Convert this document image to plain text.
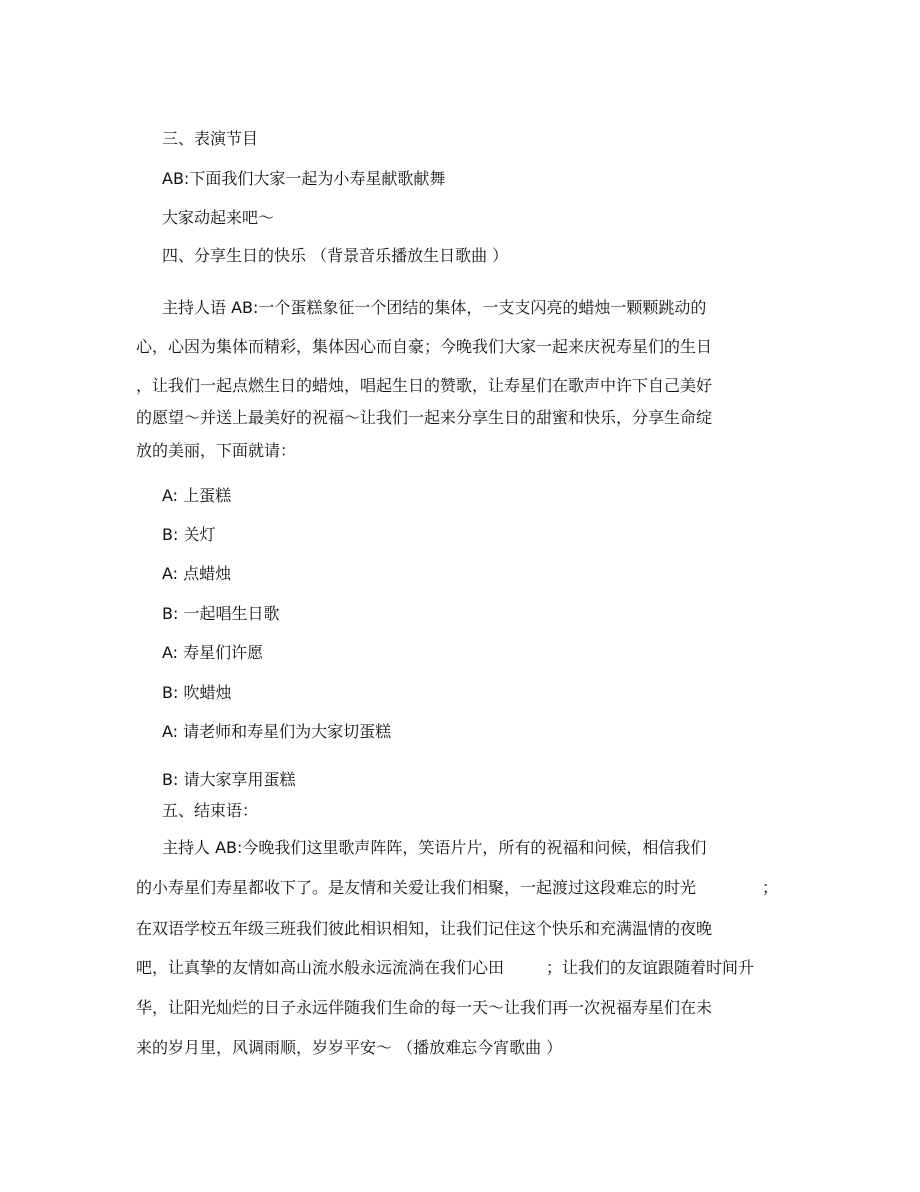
三、表演节目
AB:下面我们大家一起为小寿星献歌献舞
大家动起来吧～
四、分享生日的快乐 （背景音乐播放生日歌曲 ）
主持人语 AB:一个蛋糕象征一个团结的集体，一支支闪亮的蜡烛一颗颗跳动的
心，心因为集体而精彩，集体因心而自豪；今晚我们大家一起来庆祝寿星们的生日
，让我们一起点燃生日的蜡烛，唱起生日的赞歌，让寿星们在歌声中许下自己美好
的愿望～并送上最美好的祝福～让我们一起来分享生日的甜蜜和快乐，分享生命绽
放的美丽，下面就请：
A: 上蛋糕
B: 关灯
A: 点蜡烛
B: 一起唱生日歌
A: 寿星们许愿
B: 吹蜡烛
A: 请老师和寿星们为大家切蛋糕
B: 请大家享用蛋糕
五、结束语：
主持人 AB:今晚我们这里歌声阵阵，笑语片片，所有的祝福和问候，相信我们
的小寿星们寿星都收下了。是友情和关爱让我们相聚，一起渡过这段难忘的时光	；
在双语学校五年级三班我们彼此相识相知，让我们记住这个快乐和充满温情的夜晚
吧，让真挚的友情如高山流水般永远流淌在我们心田	；让我们的友谊跟随着时间升
华，让阳光灿烂的日子永远伴随我们生命的每一天～让我们再一次祝福寿星们在未
来的岁月里，风调雨顺，岁岁平安～ （播放难忘今宵歌曲 ）
